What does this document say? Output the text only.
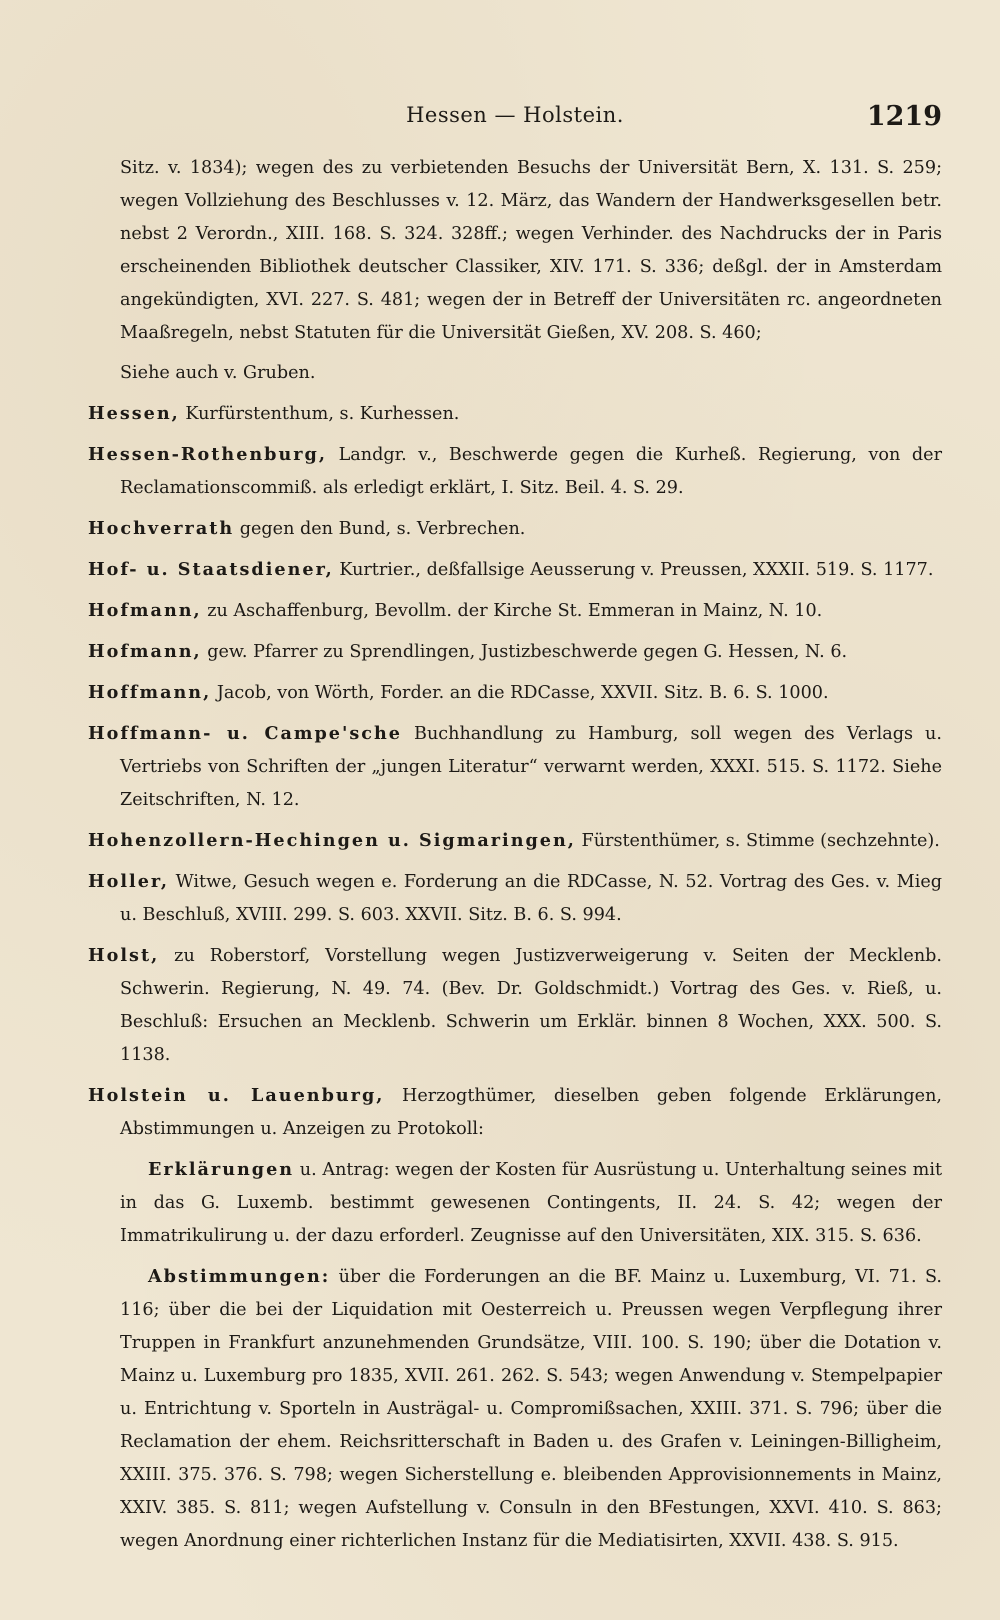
Hessen — Holstein.	1219

Sitz. v. 1834); wegen des zu verbietenden Besuchs der Universität Bern, X. 131. S. 259; wegen Vollziehung des Beschlusses v. 12. März, das Wandern der Handwerksgesellen betr. nebst 2 Verordn., XIII. 168. S. 324. 328ff.; wegen Verhinder. des Nachdrucks der in Paris erscheinenden Bibliothek deutscher Classiker, XIV. 171. S. 336; deßgl. der in Amsterdam angekündigten, XVI. 227. S. 481; wegen der in Betreff der Universitäten rc. angeordneten Maaßregeln, nebst Statuten für die Universität Gießen, XV. 208. S. 460;

Siehe auch v. Gruben.

Hessen, Kurfürstenthum, s. Kurhessen.

Hessen-Rothenburg, Landgr. v., Beschwerde gegen die Kurheß. Regierung, von der Reclamationscommiß. als erledigt erklärt, I. Sitz. Beil. 4. S. 29.

Hochverrath gegen den Bund, s. Verbrechen.

Hof- u. Staatsdiener, Kurtrier., deßfallsige Aeusserung v. Preussen, XXXII. 519. S. 1177.

Hofmann, zu Aschaffenburg, Bevollm. der Kirche St. Emmeran in Mainz, N. 10.

Hofmann, gew. Pfarrer zu Sprendlingen, Justizbeschwerde gegen G. Hessen, N. 6.

Hoffmann, Jacob, von Wörth, Forder. an die RDCasse, XXVII. Sitz. B. 6. S. 1000.

Hoffmann- u. Campe'sche Buchhandlung zu Hamburg, soll wegen des Verlags u. Vertriebs von Schriften der „jungen Literatur“ verwarnt werden, XXXI. 515. S. 1172. Siehe Zeitschriften, N. 12.

Hohenzollern-Hechingen u. Sigmaringen, Fürstenthümer, s. Stimme (sechzehnte).

Holler, Witwe, Gesuch wegen e. Forderung an die RDCasse, N. 52. Vortrag des Ges. v. Mieg u. Beschluß, XVIII. 299. S. 603. XXVII. Sitz. B. 6. S. 994.

Holst, zu Roberstorf, Vorstellung wegen Justizverweigerung v. Seiten der Mecklenb. Schwerin. Regierung, N. 49. 74. (Bev. Dr. Goldschmidt.) Vortrag des Ges. v. Rieß, u. Beschluß: Ersuchen an Mecklenb. Schwerin um Erklär. binnen 8 Wochen, XXX. 500. S. 1138.

Holstein u. Lauenburg, Herzogthümer, dieselben geben folgende Erklärungen, Abstimmungen u. Anzeigen zu Protokoll:

Erklärungen u. Antrag: wegen der Kosten für Ausrüstung u. Unterhaltung seines mit in das G. Luxemb. bestimmt gewesenen Contingents, II. 24. S. 42; wegen der Immatrikulirung u. der dazu erforderl. Zeugnisse auf den Universitäten, XIX. 315. S. 636.

Abstimmungen: über die Forderungen an die BF. Mainz u. Luxemburg, VI. 71. S. 116; über die bei der Liquidation mit Oesterreich u. Preussen wegen Verpflegung ihrer Truppen in Frankfurt anzunehmenden Grundsätze, VIII. 100. S. 190; über die Dotation v. Mainz u. Luxemburg pro 1835, XVII. 261. 262. S. 543; wegen Anwendung v. Stempelpapier u. Entrichtung v. Sporteln in Austrägal- u. Compromißsachen, XXIII. 371. S. 796; über die Reclamation der ehem. Reichsritterschaft in Baden u. des Grafen v. Leiningen-Billigheim, XXIII. 375. 376. S. 798; wegen Sicherstellung e. bleibenden Approvisionnements in Mainz, XXIV. 385. S. 811; wegen Aufstellung v. Consuln in den BFestungen, XXVI. 410. S. 863; wegen Anordnung einer richterlichen Instanz für die Mediatisirten, XXVII. 438. S. 915.
